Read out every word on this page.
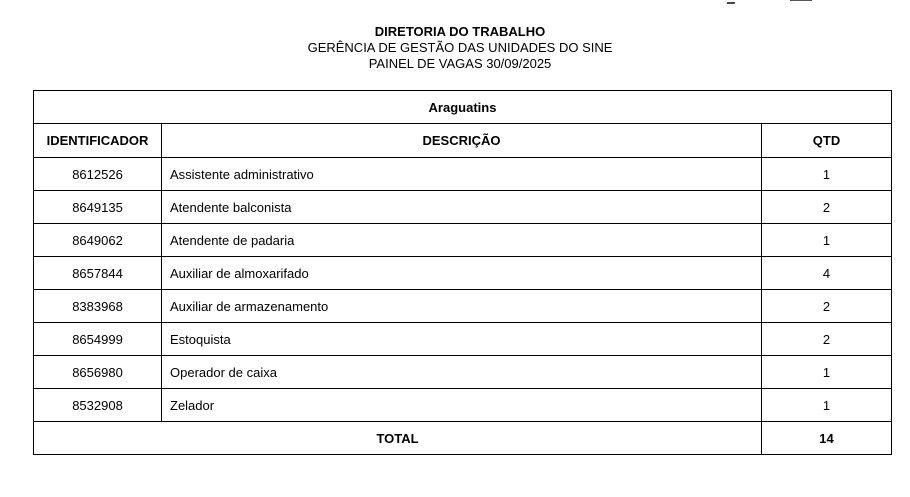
DIRETORIA DO TRABALHO
GERÊNCIA DE GESTÃO DAS UNIDADES DO SINE
PAINEL DE VAGAS 30/09/2025
Araguatins		
IDENTIFICADOR	DESCRIÇÃO	QTD
8612526	Assistente administrativo	1
8649135	Atendente balconista	2
8649062	Atendente de padaria	1
8657844	Auxiliar de almoxarifado	4
8383968	Auxiliar de armazenamento	2
8654999	Estoquista	2
8656980	Operador de caixa	1
8532908	Zelador	1
TOTAL		14
